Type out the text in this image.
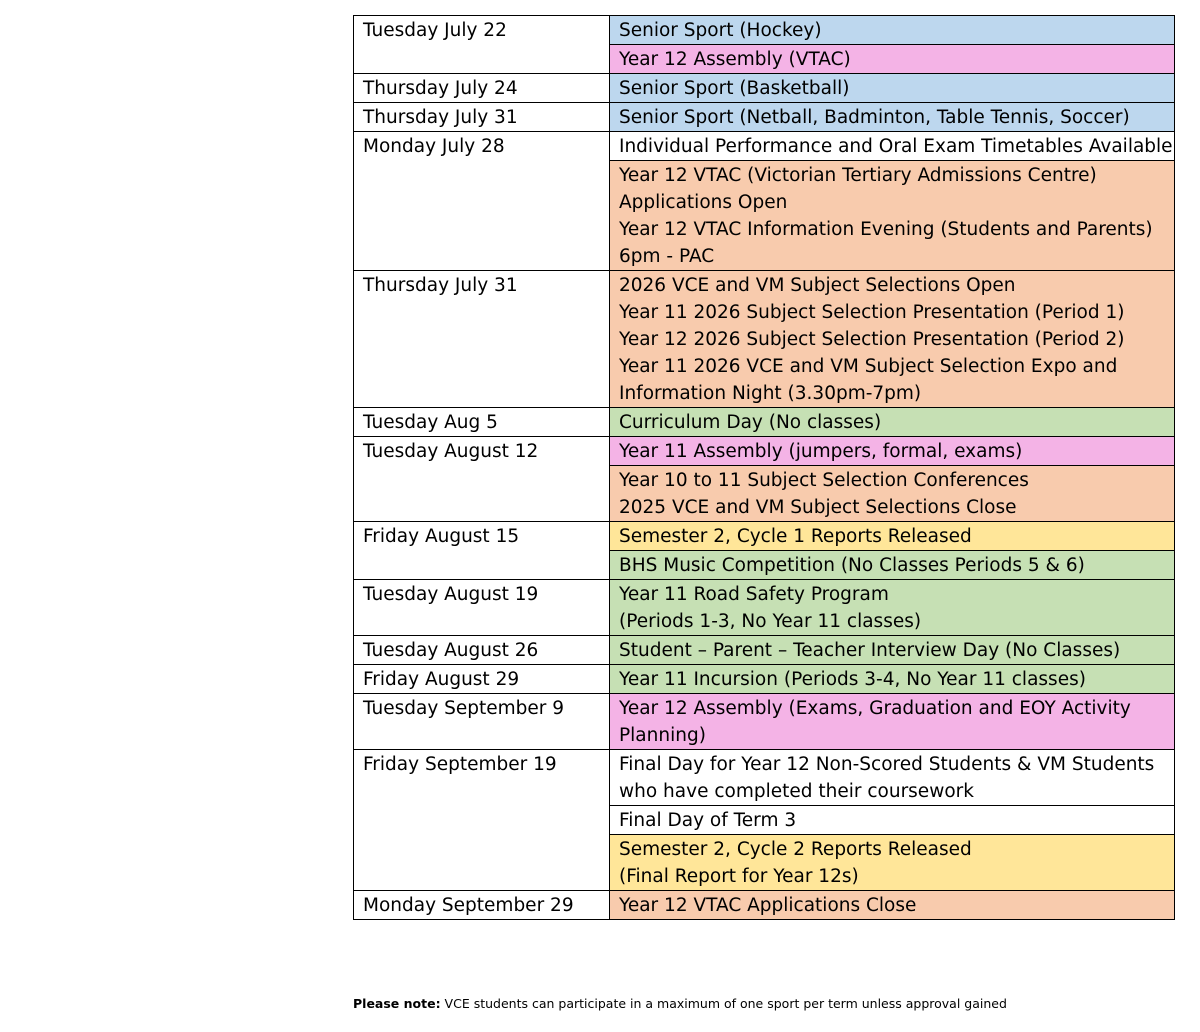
Tuesday July 22	Senior Sport (Hockey)

	Year 12 Assembly (VTAC)

Thursday July 24	Senior Sport (Basketball)

Thursday July 31	Senior Sport (Netball, Badminton, Table Tennis, Soccer)

Monday July 28	Individual Performance and Oral Exam Timetables Available

	Year 12 VTAC (Victorian Tertiary Admissions Centre)
Applications Open
Year 12 VTAC Information Evening (Students and Parents)
6pm - PAC

Thursday July 31	2026 VCE and VM Subject Selections Open
Year 11 2026 Subject Selection Presentation (Period 1)
Year 12 2026 Subject Selection Presentation (Period 2)
Year 11 2026 VCE and VM Subject Selection Expo and
Information Night (3.30pm-7pm)

Tuesday Aug 5	Curriculum Day (No classes)

Tuesday August 12	Year 11 Assembly (jumpers, formal, exams)

	Year 10 to 11 Subject Selection Conferences
2025 VCE and VM Subject Selections Close

Friday August 15	Semester 2, Cycle 1 Reports Released

	BHS Music Competition (No Classes Periods 5 & 6)

Tuesday August 19	Year 11 Road Safety Program
(Periods 1-3, No Year 11 classes)

Tuesday August 26	Student – Parent – Teacher Interview Day (No Classes)

Friday August 29	Year 11 Incursion (Periods 3-4, No Year 11 classes)

Tuesday September 9	Year 12 Assembly (Exams, Graduation and EOY Activity
Planning)

Friday September 19	Final Day for Year 12 Non-Scored Students & VM Students
who have completed their coursework

	Final Day of Term 3

	Semester 2, Cycle 2 Reports Released
(Final Report for Year 12s)

Monday September 29	Year 12 VTAC Applications Close
Please note: VCE students can participate in a maximum of one sport per term unless approval gained
